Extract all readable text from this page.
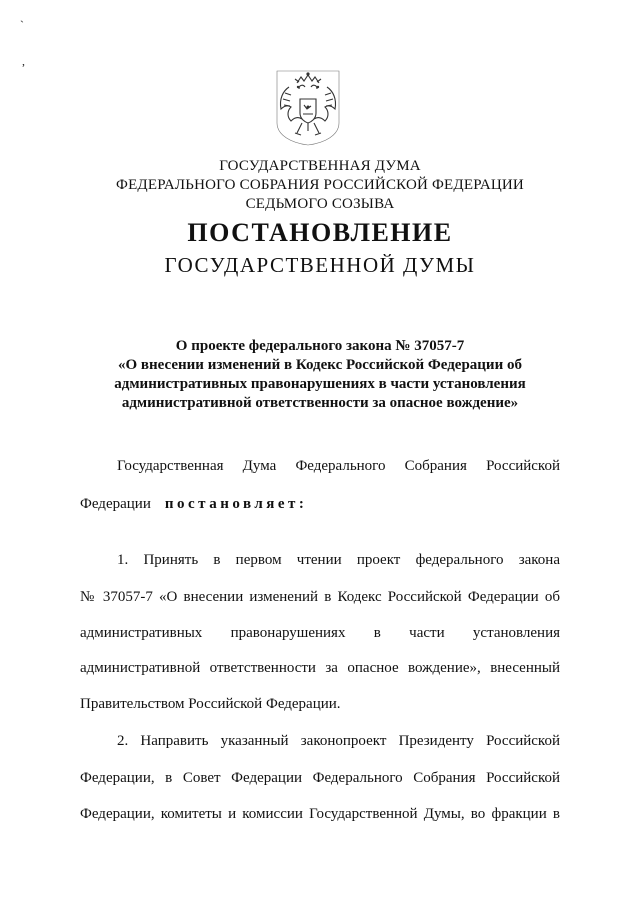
`
,
ГОСУДАРСТВЕННАЯ ДУМА
ФЕДЕРАЛЬНОГО СОБРАНИЯ РОССИЙСКОЙ ФЕДЕРАЦИИ
СЕДЬМОГО СОЗЫВА
ПОСТАНОВЛЕНИЕ
ГОСУДАРСТВЕННОЙ ДУМЫ
О проекте федерального закона № 37057-7
«О внесении изменений в Кодекс Российской Федерации об
административных правонарушениях в части установления
административной ответственности за опасное вождение»
Государственная Дума Федерального Собрания Российской
Федерации постановляет:
1. Принять в первом чтении проект федерального закона
№ 37057-7 «О внесении изменений в Кодекс Российской Федерации об
административных правонарушениях в части установления
административной ответственности за опасное вождение», внесенный
Правительством Российской Федерации.
2. Направить указанный законопроект Президенту Российской
Федерации, в Совет Федерации Федерального Собрания Российской
Федерации, комитеты и комиссии Государственной Думы, во фракции в
